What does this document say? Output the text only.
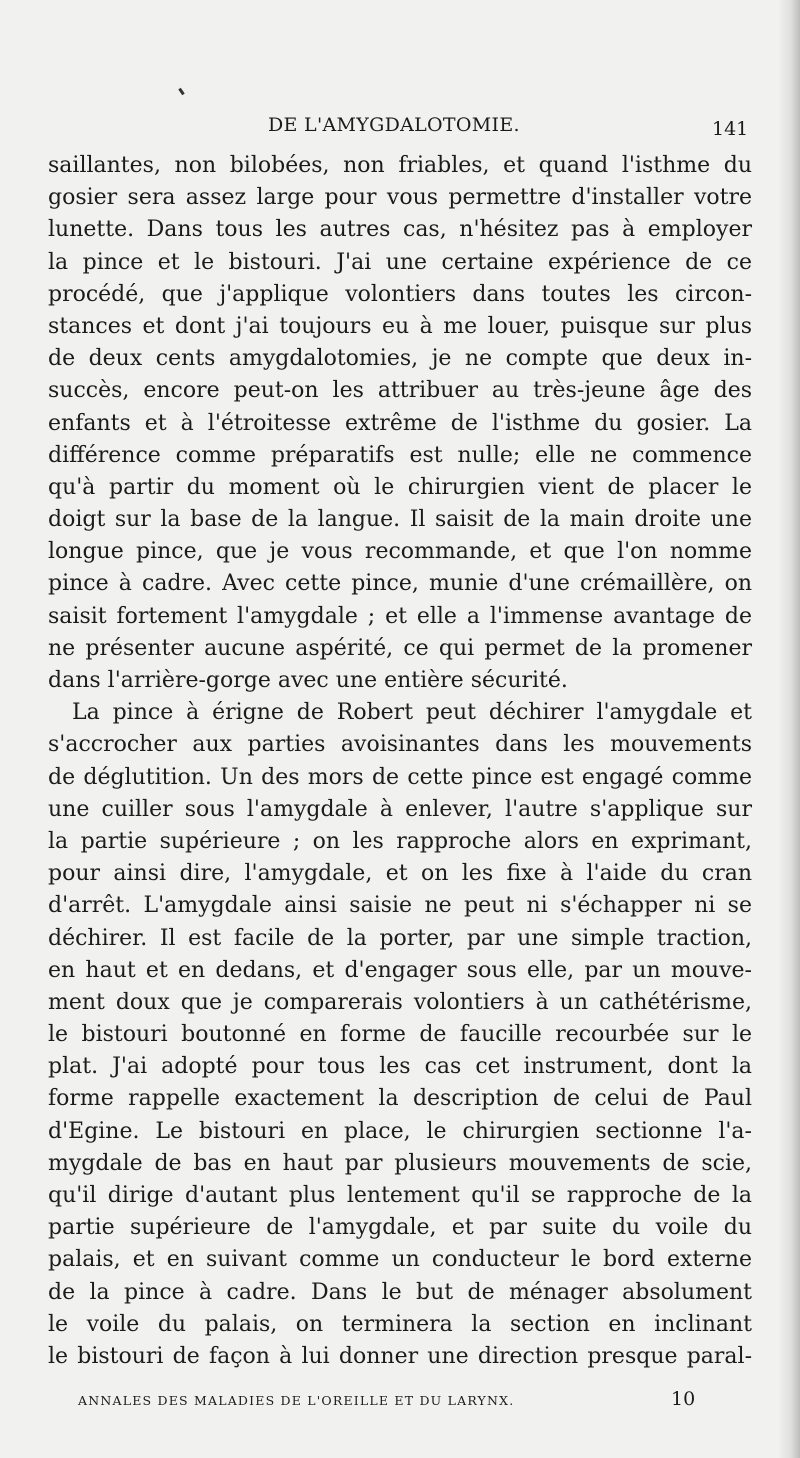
DE L'AMYGDALOTOMIE.	141
saillantes, non bilobées, non friables, et quand l'isthme du
gosier sera assez large pour vous permettre d'installer votre
lunette. Dans tous les autres cas, n'hésitez pas à employer
la pince et le bistouri. J'ai une certaine expérience de ce
procédé, que j'applique volontiers dans toutes les circon-
stances et dont j'ai toujours eu à me louer, puisque sur plus
de deux cents amygdalotomies, je ne compte que deux in-
succès, encore peut-on les attribuer au très-jeune âge des
enfants et à l'étroitesse extrême de l'isthme du gosier. La
différence comme préparatifs est nulle; elle ne commence
qu'à partir du moment où le chirurgien vient de placer le
doigt sur la base de la langue. Il saisit de la main droite une
longue pince, que je vous recommande, et que l'on nomme
pince à cadre. Avec cette pince, munie d'une crémaillère, on
saisit fortement l'amygdale ; et elle a l'immense avantage de
ne présenter aucune aspérité, ce qui permet de la promener
dans l'arrière-gorge avec une entière sécurité.
La pince à érigne de Robert peut déchirer l'amygdale et
s'accrocher aux parties avoisinantes dans les mouvements
de déglutition. Un des mors de cette pince est engagé comme
une cuiller sous l'amygdale à enlever, l'autre s'applique sur
la partie supérieure ; on les rapproche alors en exprimant,
pour ainsi dire, l'amygdale, et on les fixe à l'aide du cran
d'arrêt. L'amygdale ainsi saisie ne peut ni s'échapper ni se
déchirer. Il est facile de la porter, par une simple traction,
en haut et en dedans, et d'engager sous elle, par un mouve-
ment doux que je comparerais volontiers à un cathétérisme,
le bistouri boutonné en forme de faucille recourbée sur le
plat. J'ai adopté pour tous les cas cet instrument, dont la
forme rappelle exactement la description de celui de Paul
d'Egine. Le bistouri en place, le chirurgien sectionne l'a-
mygdale de bas en haut par plusieurs mouvements de scie,
qu'il dirige d'autant plus lentement qu'il se rapproche de la
partie supérieure de l'amygdale, et par suite du voile du
palais, et en suivant comme un conducteur le bord externe
de la pince à cadre. Dans le but de ménager absolument
le voile du palais, on terminera la section en inclinant
le bistouri de façon à lui donner une direction presque paral-
ANNALES DES MALADIES DE L'OREILLE ET DU LARYNX.	10
